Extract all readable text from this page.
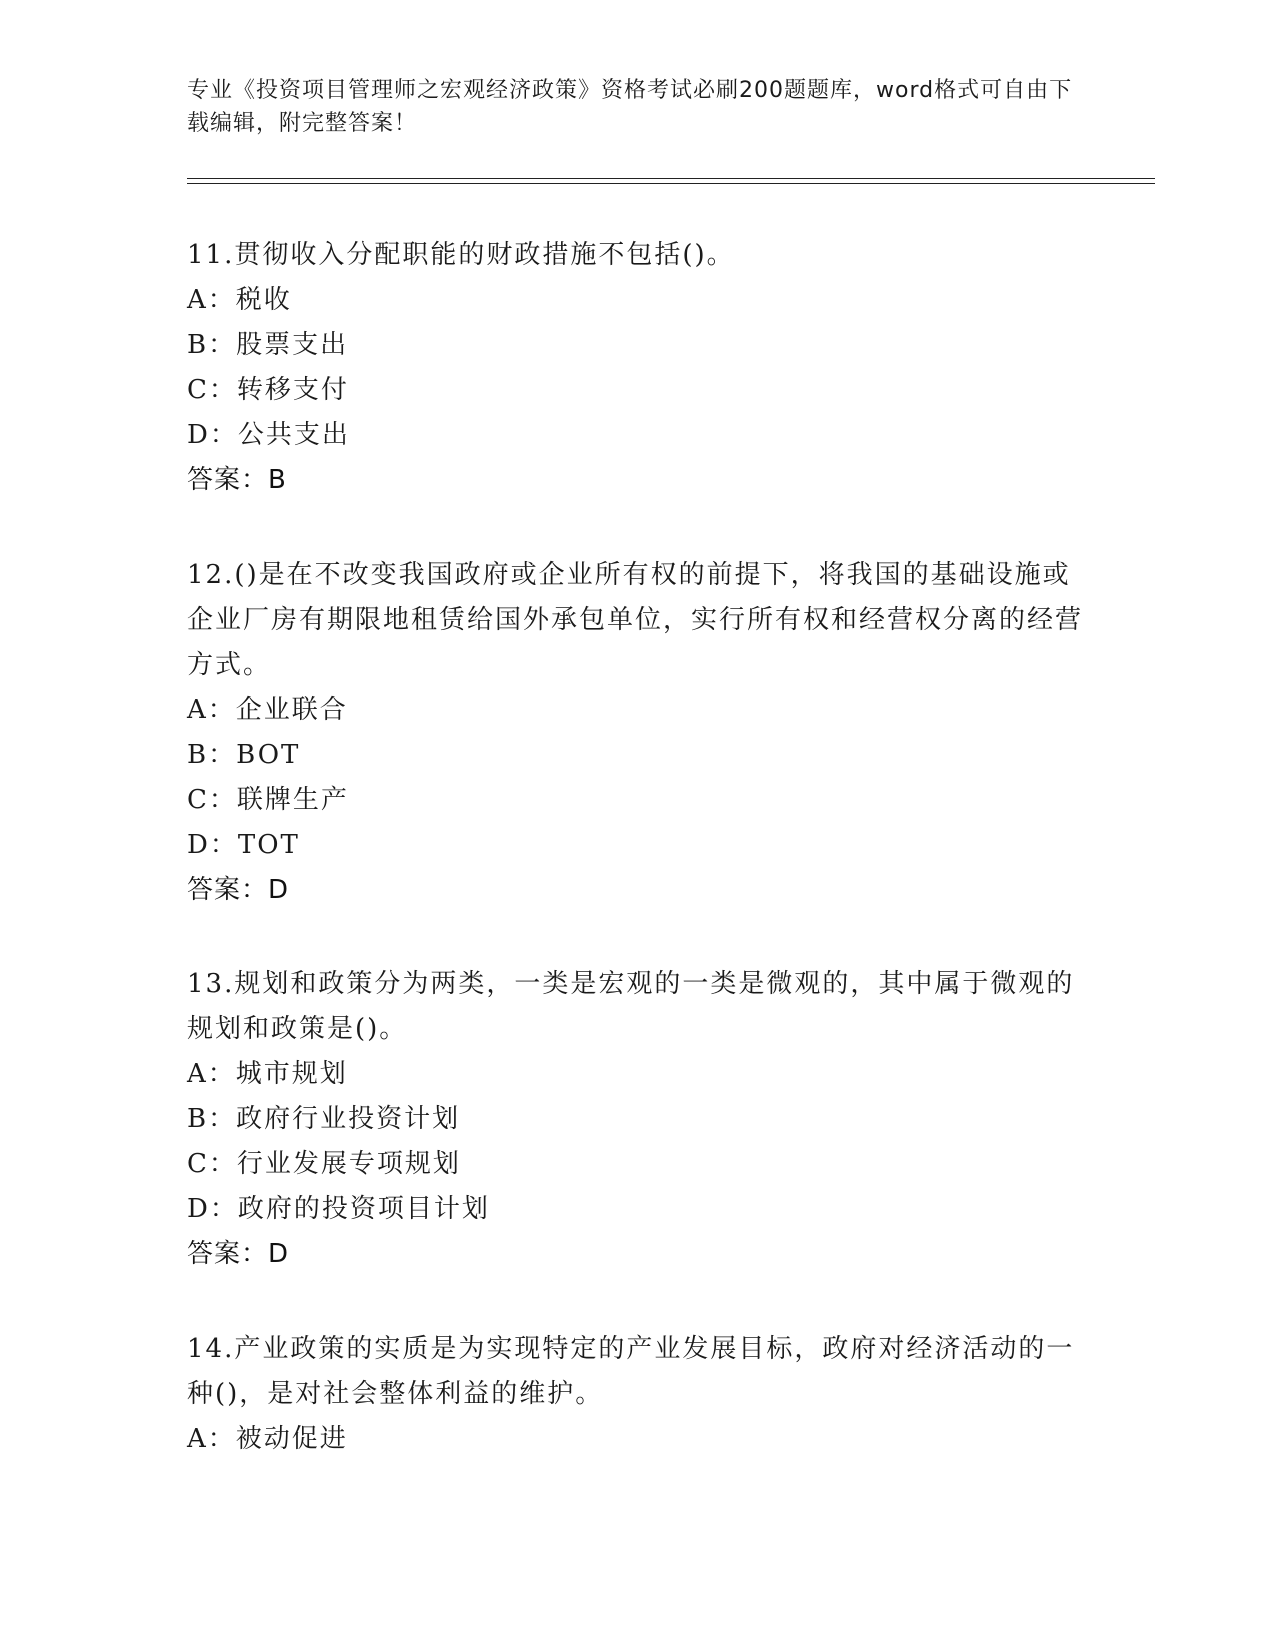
专业《投资项目管理师之宏观经济政策》资格考试必刷200题题库，word格式可自由下载编辑，附完整答案！
11.贯彻收入分配职能的财政措施不包括()。
A：税收
B：股票支出
C：转移支付
D：公共支出
答案：B
12.()是在不改变我国政府或企业所有权的前提下，将我国的基础设施或企业厂房有期限地租赁给国外承包单位，实行所有权和经营权分离的经营方式。
A：企业联合
B：BOT
C：联牌生产
D：TOT
答案：D
13.规划和政策分为两类，一类是宏观的一类是微观的，其中属于微观的规划和政策是()。
A：城市规划
B：政府行业投资计划
C：行业发展专项规划
D：政府的投资项目计划
答案：D
14.产业政策的实质是为实现特定的产业发展目标，政府对经济活动的一种()，是对社会整体利益的维护。
A：被动促进
